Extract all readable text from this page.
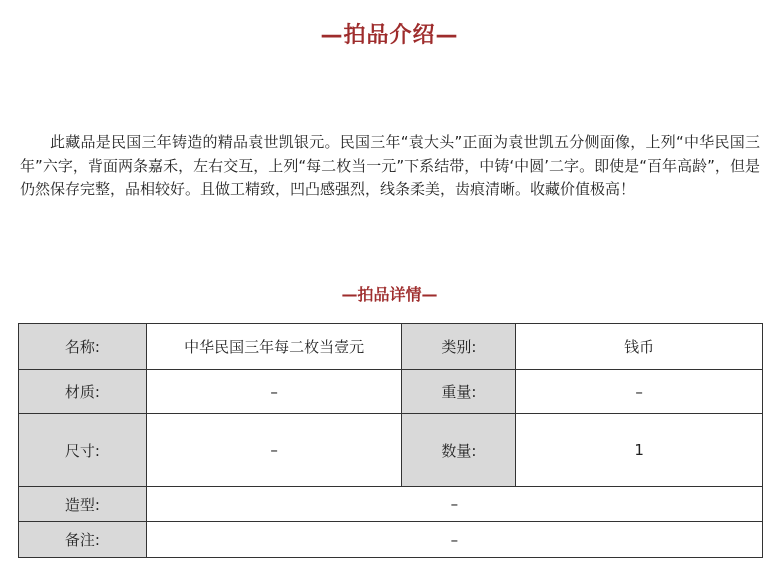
—拍品介绍—

此藏品是民国三年铸造的精品袁世凯银元。民国三年“袁大头”正面为袁世凯五分侧面像，上列“中华民国三年”六字，背面两条嘉禾，左右交互，上列“每二枚当一元”下系结带，中铸‘中圆’二字。即使是“百年高龄”，但是仍然保存完整，品相较好。且做工精致，凹凸感强烈，线条柔美，齿痕清晰。收藏价值极高！

—拍品详情—
名称:	中华民国三年每二枚当壹元	类别:	钱币
材质:	–	重量:	–
尺寸:	–	数量:	1
造型:	–		
备注:	–		
